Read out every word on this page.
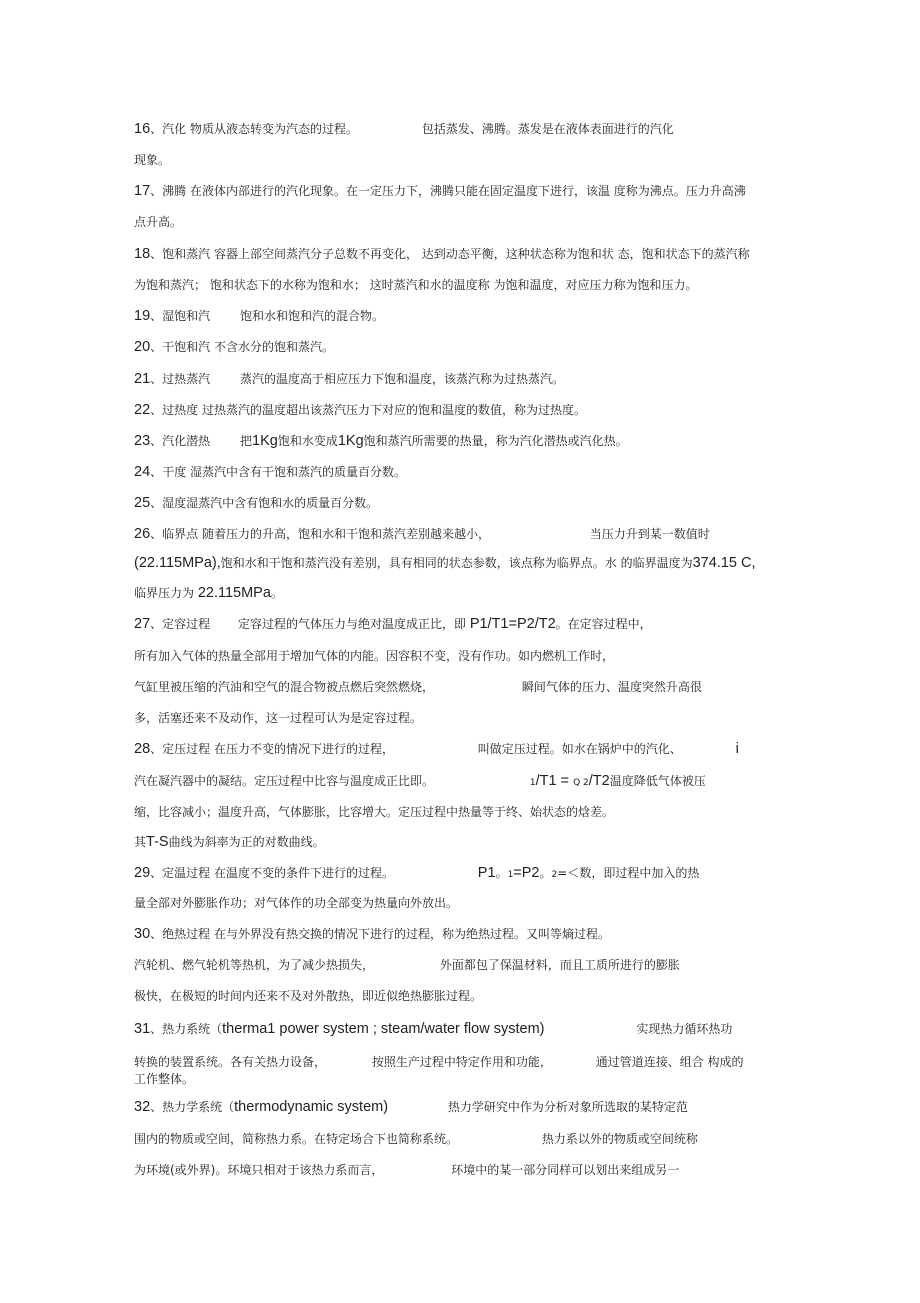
16、汽化 物质从液态转变为汽态的过程。	包括蒸发、沸腾。蒸发是在液体表面进行的汽化
现象。
17、沸腾 在液体内部进行的汽化现象。在一定压力下，沸腾只能在固定温度下进行，该温 度称为沸点。压力升高沸
点升高。
18、饱和蒸汽 容器上部空间蒸汽分子总数不再变化， 达到动态平衡，这种状态称为饱和状 态，饱和状态下的蒸汽称
为饱和蒸汽； 饱和状态下的水称为饱和水； 这时蒸汽和水的温度称 为饱和温度，对应压力称为饱和压力。
19、湿饱和汽 饱和水和饱和汽的混合物。
20、干饱和汽 不含水分的饱和蒸汽。
21、过热蒸汽 蒸汽的温度高于相应压力下饱和温度，该蒸汽称为过热蒸汽。
22、过热度 过热蒸汽的温度超出该蒸汽压力下对应的饱和温度的数值，称为过热度。
23、汽化潜热 把1Kg饱和水变成1Kg饱和蒸汽所需要的热量，称为汽化潜热或汽化热。
24、干度 湿蒸汽中含有干饱和蒸汽的质量百分数。
25、湿度湿蒸汽中含有饱和水的质量百分数。
26、临界点 随着压力的升高，饱和水和干饱和蒸汽差别越来越小，	当压力升到某一数值时
(22.115MPa),饱和水和干饱和蒸汽没有差别，具有相同的状态参数，该点称为临界点。水 的临界温度为374.15 C,
临界压力为 22.115MPa。
27、定容过程 定容过程的气体压力与绝对温度成正比，即 P1/T1=P2/T2。在定容过程中，
所有加入气体的热量全部用于增加气体的内能。因容积不变，没有作功。如内燃机工作时，
气缸里被压缩的汽油和空气的混合物被点燃后突然燃烧，	瞬间气体的压力、温度突然升高很
多，活塞还来不及动作，这一过程可认为是定容过程。
28、定压过程 在压力不变的情况下进行的过程，	叫做定压过程。如水在锅炉中的汽化、	i
汽在凝汽器中的凝结。定压过程中比容与温度成正比即。	1/T1 = Q 2/T2温度降低气体被压
缩，比容减小；温度升高，气体膨胀，比容增大。定压过程中热量等于终、始状态的焓差。
其T-S曲线为斜率为正的对数曲线。
29、定温过程 在温度不变的条件下进行的过程。	P1。1=P2。2=＜数，即过程中加入的热
量全部对外膨胀作功；对气体作的功全部变为热量向外放出。
30、绝热过程 在与外界没有热交换的情况下进行的过程，称为绝热过程。又叫等熵过程。
汽轮机、燃气轮机等热机，为了减少热损失，	外面都包了保温材料，而且工质所进行的膨胀
极快，在极短的时间内还来不及对外散热，即近似绝热膨胀过程。
31、热力系统（therma1 power system ; steam/water flow system)	实现热力循环热功
转换的装置系统。各有关热力设备，	按照生产过程中特定作用和功能，	通过管道连接、组合 构成的
工作整体。
32、热力学系统（thermodynamic system)	热力学研究中作为分析对象所选取的某特定范
围内的物质或空间，简称热力系。在特定场合下也简称系统。	热力系以外的物质或空间统称
为环境(或外界)。环境只相对于该热力系而言，	环境中的某一部分同样可以划出来组成另一
